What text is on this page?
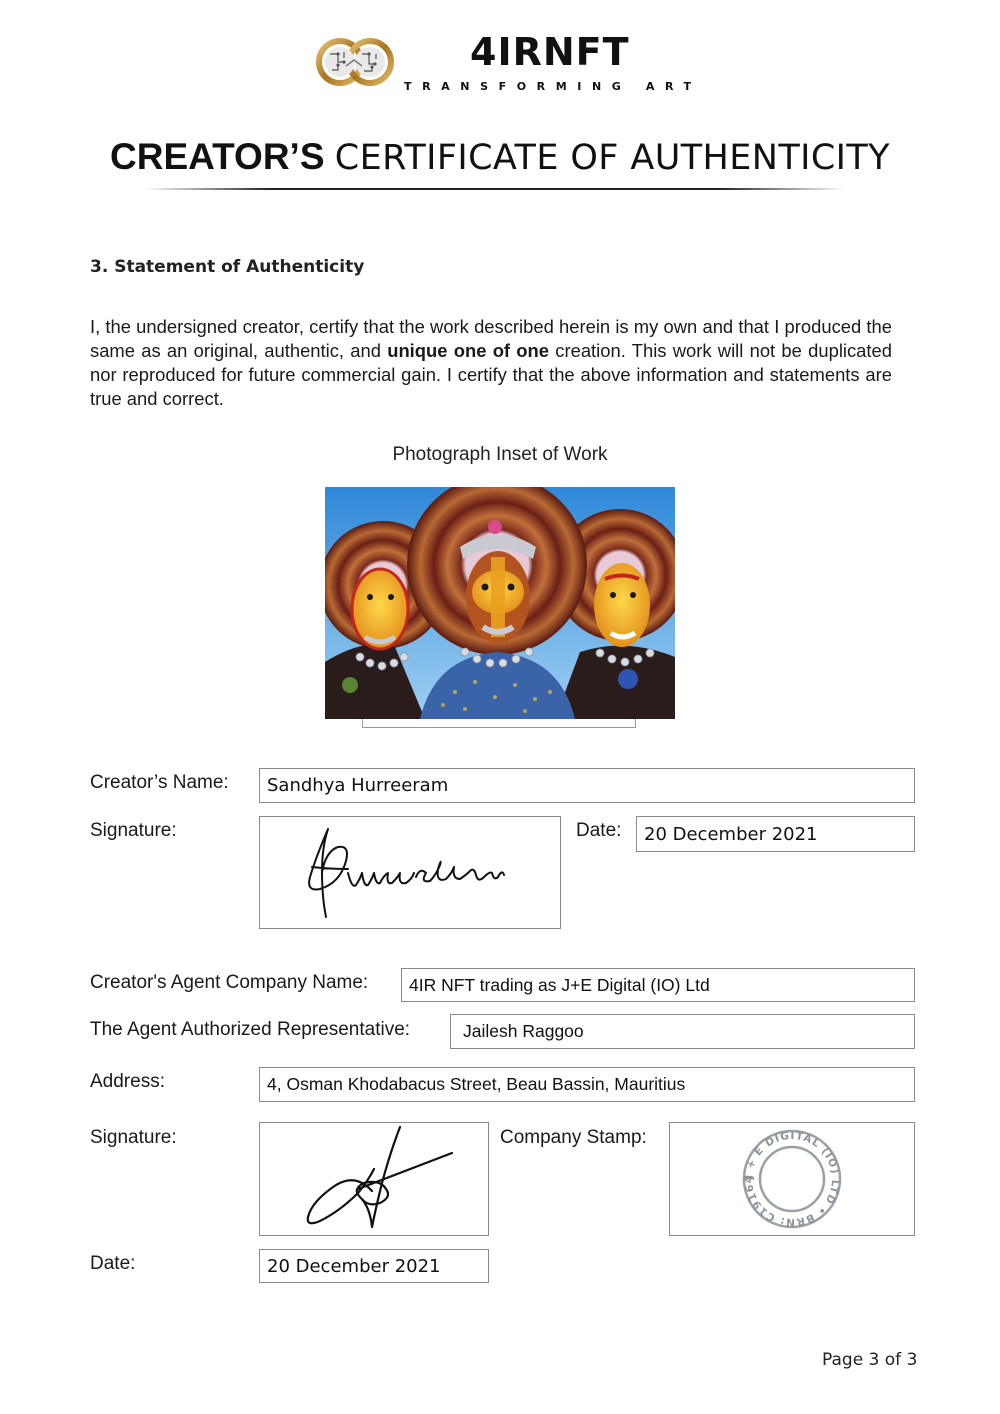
4IRNFT
TRANSFORMING ART
CREATOR’S CERTIFICATE OF AUTHENTICITY
3. Statement of Authenticity
I, the undersigned creator, certify that the work described herein is my own and that I produced the same as an original, authentic, and unique one of one creation. This work will not be duplicated nor reproduced for future commercial gain. I certify that the above information and statements are true and correct.
Photograph Inset of Work
Creator’s Name:	Sandhya Hurreeram
Signature:	Date:	20 December 2021
Creator's Agent Company Name:	4IR NFT trading as J+E Digital (IO) Ltd
The Agent Authorized Representative:	Jailesh Raggoo
Address:	4, Osman Khodabacus Street, Beau Bassin, Mauritius
Signature:	Company Stamp:
J + E DIGITAL (IO) LTD • BRN: C19164
Date:	20 December 2021
Page 3 of 3
